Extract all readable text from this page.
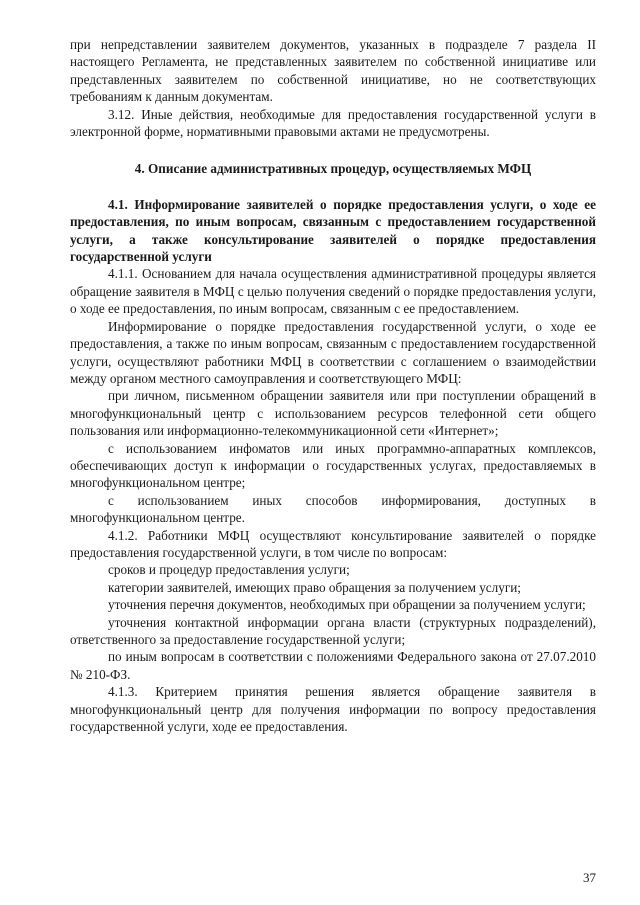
при непредставлении заявителем документов, указанных в подразделе 7 раздела II настоящего Регламента, не представленных заявителем по собственной инициативе или представленных заявителем по собственной инициативе, но не соответствующих требованиям к данным документам.

3.12. Иные действия, необходимые для предоставления государственной услуги в электронной форме, нормативными правовыми актами не предусмотрены.

4. Описание административных процедур, осуществляемых МФЦ

4.1. Информирование заявителей о порядке предоставления услуги, о ходе ее предоставления, по иным вопросам, связанным с предоставлением государственной услуги, а также консультирование заявителей о порядке предоставления государственной услуги

4.1.1. Основанием для начала осуществления административной процедуры является обращение заявителя в МФЦ с целью получения сведений о порядке предоставления услуги, о ходе ее предоставления, по иным вопросам, связанным с ее предоставлением.

Информирование о порядке предоставления государственной услуги, о ходе ее предоставления, а также по иным вопросам, связанным с предоставлением государственной услуги, осуществляют работники МФЦ в соответствии с соглашением о взаимодействии между органом местного самоуправления и соответствующего МФЦ:

при личном, письменном обращении заявителя или при поступлении обращений в многофункциональный центр с использованием ресурсов телефонной сети общего пользования или информационно-телекоммуникационной сети «Интернет»;

с использованием инфоматов или иных программно-аппаратных комплексов, обеспечивающих доступ к информации о государственных услугах, предоставляемых в многофункциональном центре;

с использованием иных способов информирования, доступных в многофункциональном центре.

4.1.2. Работники МФЦ осуществляют консультирование заявителей о порядке предоставления государственной услуги, в том числе по вопросам:

сроков и процедур предоставления услуги;

категории заявителей, имеющих право обращения за получением услуги;

уточнения перечня документов, необходимых при обращении за получением услуги;

уточнения контактной информации органа власти (структурных подразделений), ответственного за предоставление государственной услуги;

по иным вопросам в соответствии с положениями Федерального закона от 27.07.2010 № 210-ФЗ.

4.1.3. Критерием принятия решения является обращение заявителя в многофункциональный центр для получения информации по вопросу предоставления государственной услуги, ходе ее предоставления.

37
